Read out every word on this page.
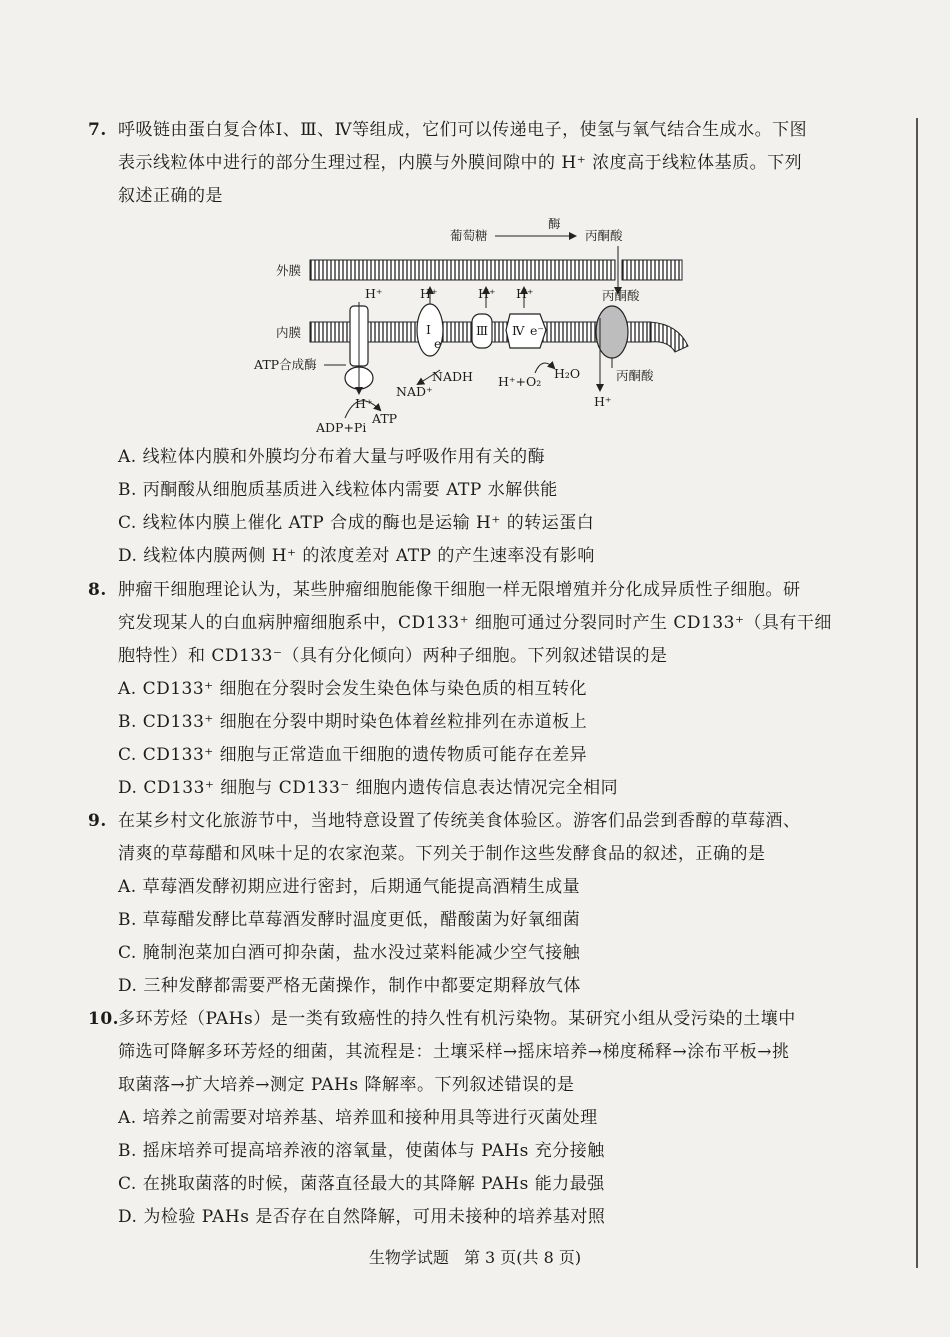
7. 呼吸链由蛋白复合体Ⅰ、Ⅲ、Ⅳ等组成，它们可以传递电子，使氢与氧气结合生成水。下图

表示线粒体中进行的部分生理过程，内膜与外膜间隙中的 H⁺ 浓度高于线粒体基质。下列

叙述正确的是

葡萄糖
酶
丙酮酸
外膜
丙酮酸
内膜
ATP合成酶
H⁺
H⁺
ADP+Pi
ATP
Ⅰ
H⁺
e⁻
NADH
NAD⁺
Ⅲ
H⁺
Ⅳ e⁻
H⁺
H⁺+O₂
H₂O
H⁺
丙酮酸

A. 线粒体内膜和外膜均分布着大量与呼吸作用有关的酶

B. 丙酮酸从细胞质基质进入线粒体内需要 ATP 水解供能

C. 线粒体内膜上催化 ATP 合成的酶也是运输 H⁺ 的转运蛋白

D. 线粒体内膜两侧 H⁺ 的浓度差对 ATP 的产生速率没有影响

8. 肿瘤干细胞理论认为，某些肿瘤细胞能像干细胞一样无限增殖并分化成异质性子细胞。研

究发现某人的白血病肿瘤细胞系中，CD133⁺ 细胞可通过分裂同时产生 CD133⁺（具有干细

胞特性）和 CD133⁻（具有分化倾向）两种子细胞。下列叙述错误的是

A. CD133⁺ 细胞在分裂时会发生染色体与染色质的相互转化

B. CD133⁺ 细胞在分裂中期时染色体着丝粒排列在赤道板上

C. CD133⁺ 细胞与正常造血干细胞的遗传物质可能存在差异

D. CD133⁺ 细胞与 CD133⁻ 细胞内遗传信息表达情况完全相同

9. 在某乡村文化旅游节中，当地特意设置了传统美食体验区。游客们品尝到香醇的草莓酒、

清爽的草莓醋和风味十足的农家泡菜。下列关于制作这些发酵食品的叙述，正确的是

A. 草莓酒发酵初期应进行密封，后期通气能提高酒精生成量

B. 草莓醋发酵比草莓酒发酵时温度更低，醋酸菌为好氧细菌

C. 腌制泡菜加白酒可抑杂菌，盐水没过菜料能减少空气接触

D. 三种发酵都需要严格无菌操作，制作中都要定期释放气体

10.

多环芳烃（PAHs）是一类有致癌性的持久性有机污染物。某研究小组从受污染的土壤中

筛选可降解多环芳烃的细菌，其流程是：土壤采样→摇床培养→梯度稀释→涂布平板→挑

取菌落→扩大培养→测定 PAHs 降解率。下列叙述错误的是

A. 培养之前需要对培养基、培养皿和接种用具等进行灭菌处理

B. 摇床培养可提高培养液的溶氧量，使菌体与 PAHs 充分接触

C. 在挑取菌落的时候，菌落直径最大的其降解 PAHs 能力最强

D. 为检验 PAHs 是否存在自然降解，可用未接种的培养基对照

生物学试题 第 3 页(共 8 页)
